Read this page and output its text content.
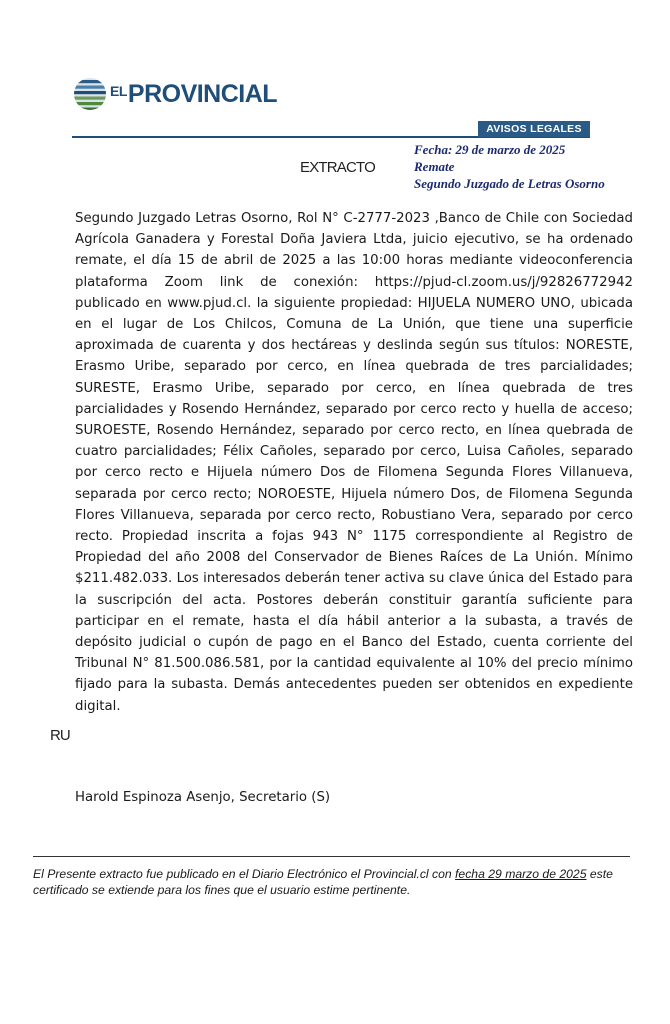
$^{EL}$PROVINCIAL
AVISOS LEGALES
EXTRACTO
Fecha: 29 de marzo de 2025
Remate
Segundo Juzgado de Letras Osorno
Segundo Juzgado Letras Osorno, Rol N° C-2777-2023 ,Banco de Chile con Sociedad Agrícola Ganadera y Forestal Doña Javiera Ltda, juicio ejecutivo, se ha ordenado remate, el día 15 de abril de 2025 a las 10:00 horas mediante videoconferencia plataforma Zoom link de conexión: https://pjud-cl.zoom.us/j/92826772942 publicado en www.pjud.cl. la siguiente propiedad: HIJUELA NUMERO UNO, ubicada en el lugar de Los Chilcos, Comuna de La Unión, que tiene una superficie aproximada de cuarenta y dos hectáreas y deslinda según sus títulos: NORESTE, Erasmo Uribe, separado por cerco, en línea quebrada de tres parcialidades; SURESTE, Erasmo Uribe, separado por cerco, en línea quebrada de tres parcialidades y Rosendo Hernández, separado por cerco recto y huella de acceso; SUROESTE, Rosendo Hernández, separado por cerco recto, en línea quebrada de cuatro parcialidades; Félix Cañoles, separado por cerco, Luisa Cañoles, separado por cerco recto e Hijuela número Dos de Filomena Segunda Flores Villanueva, separada por cerco recto; NOROESTE, Hijuela número Dos, de Filomena Segunda Flores Villanueva, separada por cerco recto, Robustiano Vera, separado por cerco recto. Propiedad inscrita a fojas 943 N° 1175 correspondiente al Registro de Propiedad del año 2008 del Conservador de Bienes Raíces de La Unión. Mínimo $211.482.033. Los interesados deberán tener activa su clave única del Estado para la suscripción del acta. Postores deberán constituir garantía suficiente para participar en el remate, hasta el día hábil anterior a la subasta, a través de depósito judicial o cupón de pago en el Banco del Estado, cuenta corriente del Tribunal N° 81.500.086.581, por la cantidad equivalente al 10% del precio mínimo fijado para la subasta. Demás antecedentes pueden ser obtenidos en expediente digital.
RU
Harold Espinoza Asenjo, Secretario (S)
El Presente extracto fue publicado en el Diario Electrónico el Provincial.cl con fecha 29 marzo de 2025 este certificado se extiende para los fines que el usuario estime pertinente.
